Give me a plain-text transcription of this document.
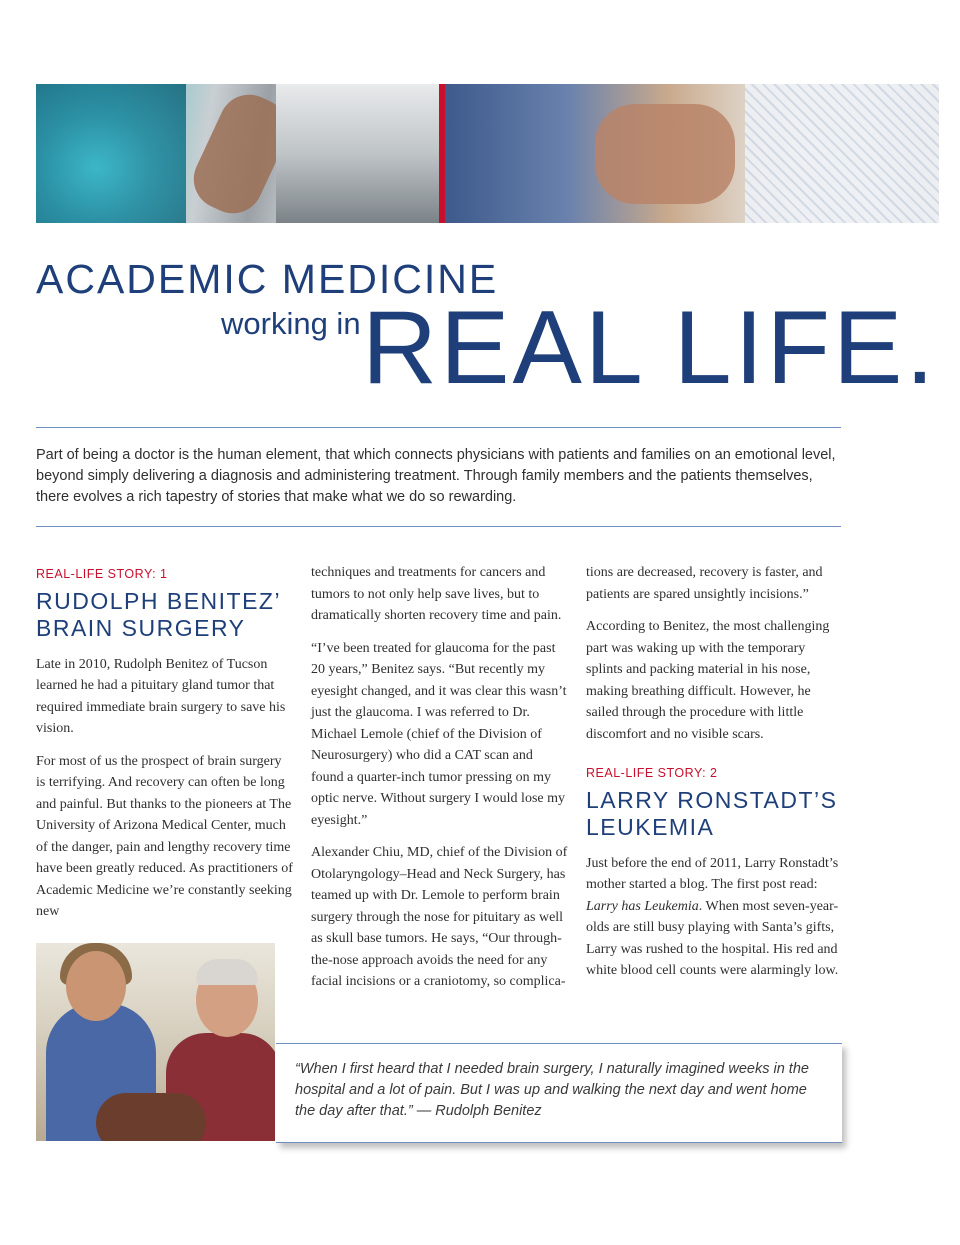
ACADEMIC MEDICINE
working in REAL LIFE.

Part of being a doctor is the human element, that which connects physicians with patients and families on an emotional level, beyond simply delivering a diagnosis and administering treatment. Through family members and the patients themselves, there evolves a rich tapestry of stories that make what we do so rewarding.

REAL-LIFE STORY: 1
RUDOLPH BENITEZ’
BRAIN SURGERY

Late in 2010, Rudolph Benitez of Tucson learned he had a pituitary gland tumor that required immediate brain surgery to save his vision.

For most of us the prospect of brain surgery is terrifying. And recovery can often be long and painful. But thanks to the pioneers at The University of Arizona Medical Center, much of the danger, pain and lengthy recovery time have been greatly reduced. As practitioners of Academic Medicine we’re constantly seeking new

techniques and treatments for cancers and tumors to not only help save lives, but to dramatically shorten recovery time and pain.

“I’ve been treated for glaucoma for the past 20 years,” Benitez says. “But recently my eyesight changed, and it was clear this wasn’t just the glaucoma. I was referred to Dr. Michael Lemole (chief of the Division of Neurosurgery) who did a CAT scan and found a quarter-inch tumor pressing on my optic nerve. Without surgery I would lose my eyesight.”

Alexander Chiu, MD, chief of the Division of Otolaryngology–Head and Neck Surgery, has teamed up with Dr. Lemole to perform brain surgery through the nose for pituitary as well as skull base tumors. He says, “Our through-the-nose approach avoids the need for any facial incisions or a craniotomy, so complica-

tions are decreased, recovery is faster, and patients are spared unsightly incisions.”

According to Benitez, the most challenging part was waking up with the temporary splints and packing material in his nose, making breathing difficult. However, he sailed through the procedure with little discomfort and no visible scars.

REAL-LIFE STORY: 2
LARRY RONSTADT’S
LEUKEMIA

Just before the end of 2011, Larry Ronstadt’s mother started a blog. The first post read: Larry has Leukemia. When most seven-year-olds are still busy playing with Santa’s gifts, Larry was rushed to the hospital. His red and white blood cell counts were alarmingly low.

“When I first heard that I needed brain surgery, I naturally imagined weeks in the hospital and a lot of pain. But I was up and walking the next day and went home the day after that.” — Rudolph Benitez
